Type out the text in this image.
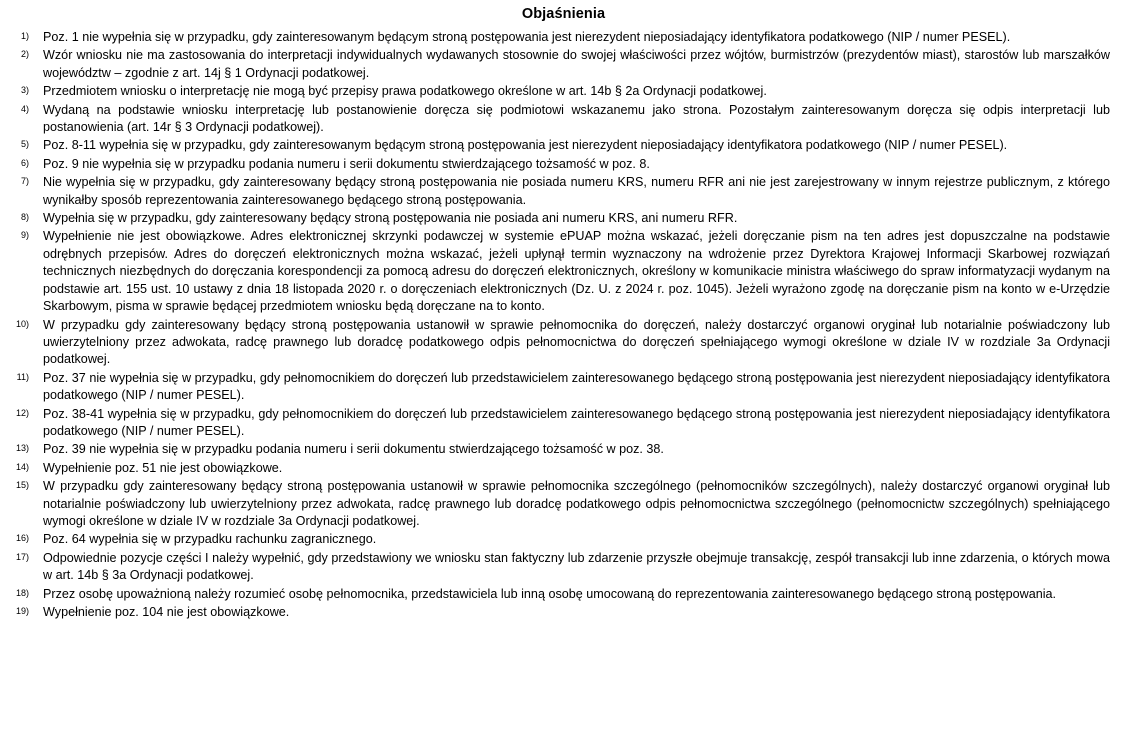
Objaśnienia
1)	Poz. 1 nie wypełnia się w przypadku, gdy zainteresowanym będącym stroną postępowania jest nierezydent nieposiadający identyfikatora podatkowego (NIP / numer PESEL).
2)	Wzór wniosku nie ma zastosowania do interpretacji indywidualnych wydawanych stosownie do swojej właściwości przez wójtów, burmistrzów (prezydentów miast), starostów lub marszałków województw – zgodnie z art. 14j § 1 Ordynacji podatkowej.
3)	Przedmiotem wniosku o interpretację nie mogą być przepisy prawa podatkowego określone w art. 14b § 2a Ordynacji podatkowej.
4)	Wydaną na podstawie wniosku interpretację lub postanowienie doręcza się podmiotowi wskazanemu jako strona. Pozostałym zainteresowanym doręcza się odpis interpretacji lub postanowienia (art. 14r § 3 Ordynacji podatkowej).
5)	Poz. 8-11 wypełnia się w przypadku, gdy zainteresowanym będącym stroną postępowania jest nierezydent nieposiadający identyfikatora podatkowego (NIP / numer PESEL).
6)	Poz. 9 nie wypełnia się w przypadku podania numeru i serii dokumentu stwierdzającego tożsamość w poz. 8.
7)	Nie wypełnia się w przypadku, gdy zainteresowany będący stroną postępowania nie posiada numeru KRS, numeru RFR ani nie jest zarejestrowany w innym rejestrze publicznym, z którego wynikałby sposób reprezentowania zainteresowanego będącego stroną postępowania.
8)	Wypełnia się w przypadku, gdy zainteresowany będący stroną postępowania nie posiada ani numeru KRS, ani numeru RFR.
9)	Wypełnienie nie jest obowiązkowe. Adres elektronicznej skrzynki podawczej w systemie ePUAP można wskazać, jeżeli doręczanie pism na ten adres jest dopuszczalne na podstawie odrębnych przepisów. Adres do doręczeń elektronicznych można wskazać, jeżeli upłynął termin wyznaczony na wdrożenie przez Dyrektora Krajowej Informacji Skarbowej rozwiązań technicznych niezbędnych do doręczania korespondencji za pomocą adresu do doręczeń elektronicznych, określony w komunikacie ministra właściwego do spraw informatyzacji wydanym na podstawie art. 155 ust. 10 ustawy z dnia 18 listopada 2020 r. o doręczeniach elektronicznych (Dz. U. z 2024 r. poz. 1045). Jeżeli wyrażono zgodę na doręczanie pism na konto w e-Urzędzie Skarbowym, pisma w sprawie będącej przedmiotem wniosku będą doręczane na to konto.
10)	W przypadku gdy zainteresowany będący stroną postępowania ustanowił w sprawie pełnomocnika do doręczeń, należy dostarczyć organowi oryginał lub notarialnie poświadczony lub uwierzytelniony przez adwokata, radcę prawnego lub doradcę podatkowego odpis pełnomocnictwa do doręczeń spełniającego wymogi określone w dziale IV w rozdziale 3a Ordynacji podatkowej.
11)	Poz. 37 nie wypełnia się w przypadku, gdy pełnomocnikiem do doręczeń lub przedstawicielem zainteresowanego będącego stroną postępowania jest nierezydent nieposiadający identyfikatora podatkowego (NIP / numer PESEL).
12)	Poz. 38-41 wypełnia się w przypadku, gdy pełnomocnikiem do doręczeń lub przedstawicielem zainteresowanego będącego stroną postępowania jest nierezydent nieposiadający identyfikatora podatkowego (NIP / numer PESEL).
13)	Poz. 39 nie wypełnia się w przypadku podania numeru i serii dokumentu stwierdzającego tożsamość w poz. 38.
14)	Wypełnienie poz. 51 nie jest obowiązkowe.
15)	W przypadku gdy zainteresowany będący stroną postępowania ustanowił w sprawie pełnomocnika szczególnego (pełnomocników szczególnych), należy dostarczyć organowi oryginał lub notarialnie poświadczony lub uwierzytelniony przez adwokata, radcę prawnego lub doradcę podatkowego odpis pełnomocnictwa szczególnego (pełnomocnictw szczególnych) spełniającego wymogi określone w dziale IV w rozdziale 3a Ordynacji podatkowej.
16)	Poz. 64 wypełnia się w przypadku rachunku zagranicznego.
17)	Odpowiednie pozycje części I należy wypełnić, gdy przedstawiony we wniosku stan faktyczny lub zdarzenie przyszłe obejmuje transakcję, zespół transakcji lub inne zdarzenia, o których mowa w art. 14b § 3a Ordynacji podatkowej.
18)	Przez osobę upoważnioną należy rozumieć osobę pełnomocnika, przedstawiciela lub inną osobę umocowaną do reprezentowania zainteresowanego będącego stroną postępowania.
19)	Wypełnienie poz. 104 nie jest obowiązkowe.
